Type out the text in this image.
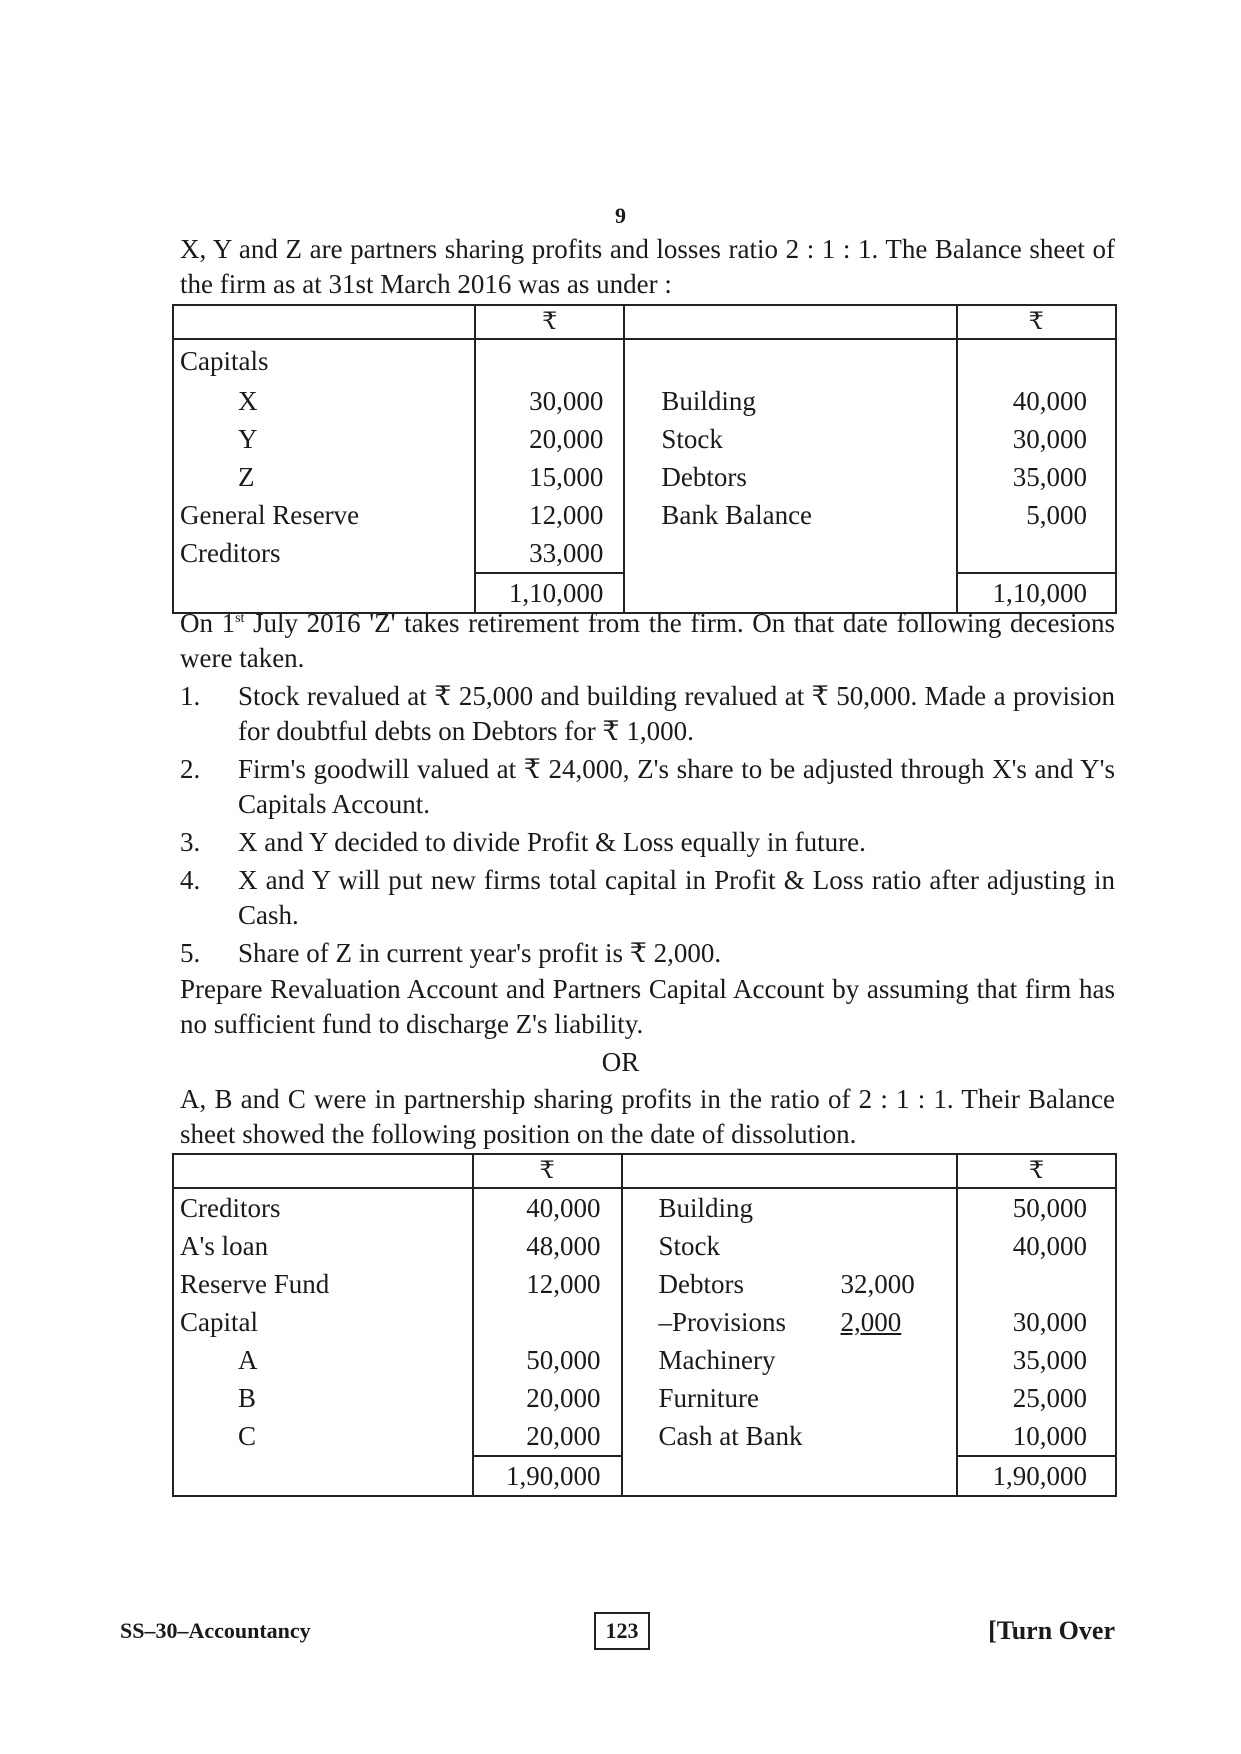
9
X, Y and Z are partners sharing profits and losses ratio 2 : 1 : 1. The Balance sheet of the firm as at 31st March 2016 was as under :
	₹		₹
Capitals			
X	30,000	Building	40,000
Y	20,000	Stock	30,000
Z	15,000	Debtors	35,000
General Reserve	12,000	Bank Balance	5,000
Creditors	33,000		
	1,10,000		1,10,000
On 1st July 2016 'Z' takes retirement from the firm. On that date following decesions were taken.
1. Stock revalued at ₹ 25,000 and building revalued at ₹ 50,000. Made a provision for doubtful debts on Debtors for ₹ 1,000.
2. Firm's goodwill valued at ₹ 24,000, Z's share to be adjusted through X's and Y's Capitals Account.
3. X and Y decided to divide Profit & Loss equally in future.
4. X and Y will put new firms total capital in Profit & Loss ratio after adjusting in Cash.
5. Share of Z in current year's profit is ₹ 2,000.
Prepare Revaluation Account and Partners Capital Account by assuming that firm has no sufficient fund to discharge Z's liability.
OR
A, B and C were in partnership sharing profits in the ratio of 2 : 1 : 1. Their Balance sheet showed the following position on the date of dissolution.
	₹		₹
Creditors	40,000	Building	50,000
A's loan	48,000	Stock	40,000
Reserve Fund	12,000	Debtors 32,000	

Capital		–Provisions 2,000	30,000
A	50,000	Machinery	35,000
B	20,000	Furniture	25,000
C	20,000	Cash at Bank	10,000
	1,90,000		1,90,000
SS–30–Accountancy	123	[Turn Over
